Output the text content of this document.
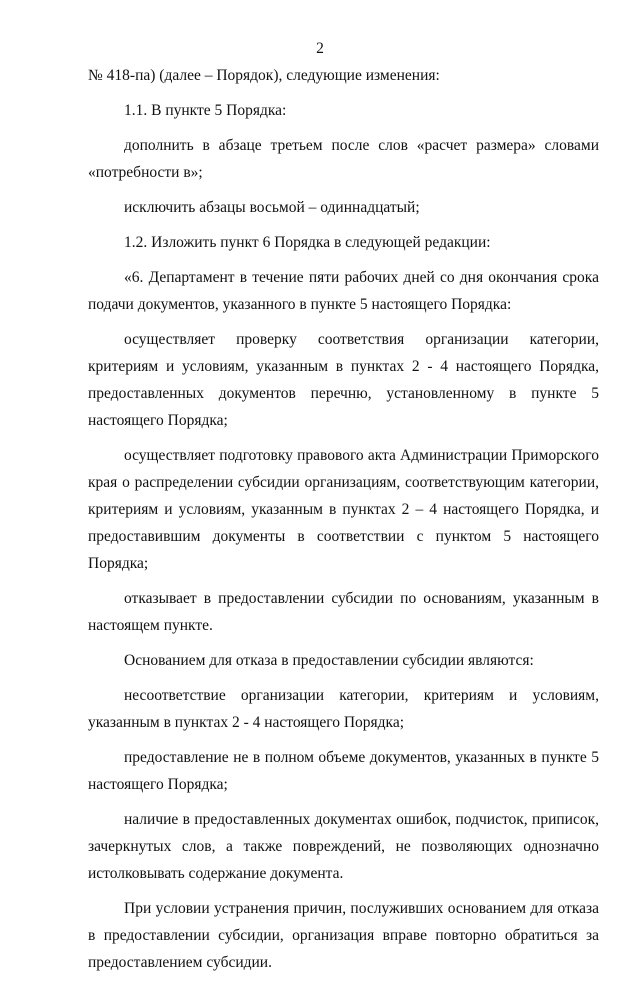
2

№ 418-па) (далее – Порядок), следующие изменения:

1.1. В пункте 5 Порядка:

дополнить в абзаце третьем после слов «расчет размера» словами «потребности в»;

исключить абзацы восьмой – одиннадцатый;

1.2. Изложить пункт 6 Порядка в следующей редакции:

«6. Департамент в течение пяти рабочих дней со дня окончания срока подачи документов, указанного в пункте 5 настоящего Порядка:

осуществляет проверку соответствия организации категории, критериям и условиям, указанным в пунктах 2 - 4 настоящего Порядка, предоставленных документов перечню, установленному в пункте 5 настоящего Порядка;

осуществляет подготовку правового акта Администрации Приморского края о распределении субсидии организациям, соответствующим категории, критериям и условиям, указанным в пунктах 2 – 4 настоящего Порядка, и предоставившим документы в соответствии с пунктом 5 настоящего Порядка;

отказывает в предоставлении субсидии по основаниям, указанным в настоящем пункте.

Основанием для отказа в предоставлении субсидии являются:

несоответствие организации категории, критериям и условиям, указанным в пунктах 2 - 4 настоящего Порядка;

предоставление не в полном объеме документов, указанных в пункте 5 настоящего Порядка;

наличие в предоставленных документах ошибок, подчисток, приписок, зачеркнутых слов, а также повреждений, не позволяющих однозначно истолковывать содержание документа.

При условии устранения причин, послуживших основанием для отказа в предоставлении субсидии, организация вправе повторно обратиться за предоставлением субсидии.
